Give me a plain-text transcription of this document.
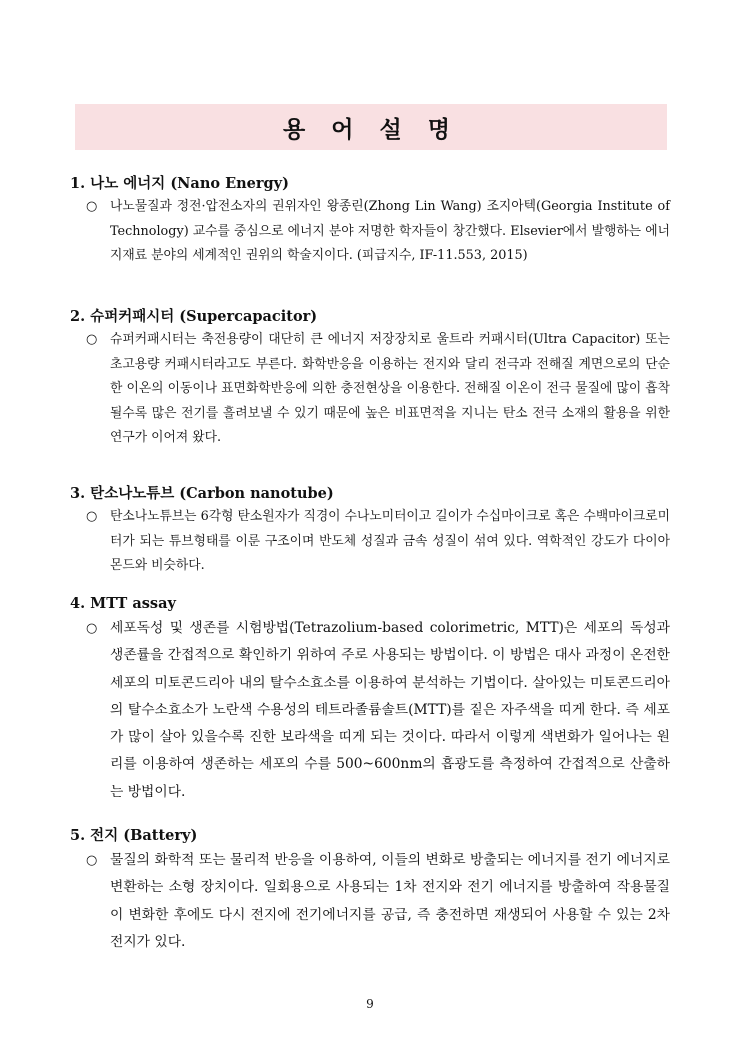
용 어 설 명
1. 나노 에너지 (Nano Energy)
○ 나노물질과 정전·압전소자의 권위자인 왕종린(Zhong Lin Wang) 조지아텍(Georgia Institute of Technology) 교수를 중심으로 에너지 분야 저명한 학자들이 창간했다. Elsevier에서 발행하는 에너지재료 분야의 세계적인 권위의 학술지이다. (피급지수, IF-11.553, 2015)
2. 슈퍼커패시터 (Supercapacitor)
○ 슈퍼커패시터는 축전용량이 대단히 큰 에너지 저장장치로 울트라 커패시터(Ultra Capacitor) 또는 초고용량 커패시터라고도 부른다. 화학반응을 이용하는 전지와 달리 전극과 전해질 계면으로의 단순한 이온의 이동이나 표면화학반응에 의한 충전현상을 이용한다. 전해질 이온이 전극 물질에 많이 흡착될수록 많은 전기를 흘려보낼 수 있기 때문에 높은 비표면적을 지니는 탄소 전극 소재의 활용을 위한 연구가 이어져 왔다.
3. 탄소나노튜브 (Carbon nanotube)
○ 탄소나노튜브는 6각형 탄소원자가 직경이 수나노미터이고 길이가 수십마이크로 혹은 수백마이크로미터가 되는 튜브형태를 이룬 구조이며 반도체 성질과 금속 성질이 섞여 있다. 역학적인 강도가 다이아몬드와 비슷하다.
4. MTT assay
○ 세포독성 및 생존를 시험방법(Tetrazolium-based colorimetric, MTT)은 세포의 독성과 생존률을 간접적으로 확인하기 위하여 주로 사용되는 방법이다. 이 방법은 대사 과정이 온전한 세포의 미토콘드리아 내의 탈수소효소를 이용하여 분석하는 기법이다. 살아있는 미토콘드리아의 탈수소효소가 노란색 수용성의 테트라졸륨솔트(MTT)를 짙은 자주색을 띠게 한다. 즉 세포가 많이 살아 있을수록 진한 보라색을 띠게 되는 것이다. 따라서 이렇게 색변화가 일어나는 원리를 이용하여 생존하는 세포의 수를 500~600nm의 흡광도를 측정하여 간접적으로 산출하는 방법이다.
5. 전지 (Battery)
○ 물질의 화학적 또는 물리적 반응을 이용하여, 이들의 변화로 방출되는 에너지를 전기 에너지로 변환하는 소형 장치이다. 일회용으로 사용되는 1차 전지와 전기 에너지를 방출하여 작용물질이 변화한 후에도 다시 전지에 전기에너지를 공급, 즉 충전하면 재생되어 사용할 수 있는 2차 전지가 있다.
9
